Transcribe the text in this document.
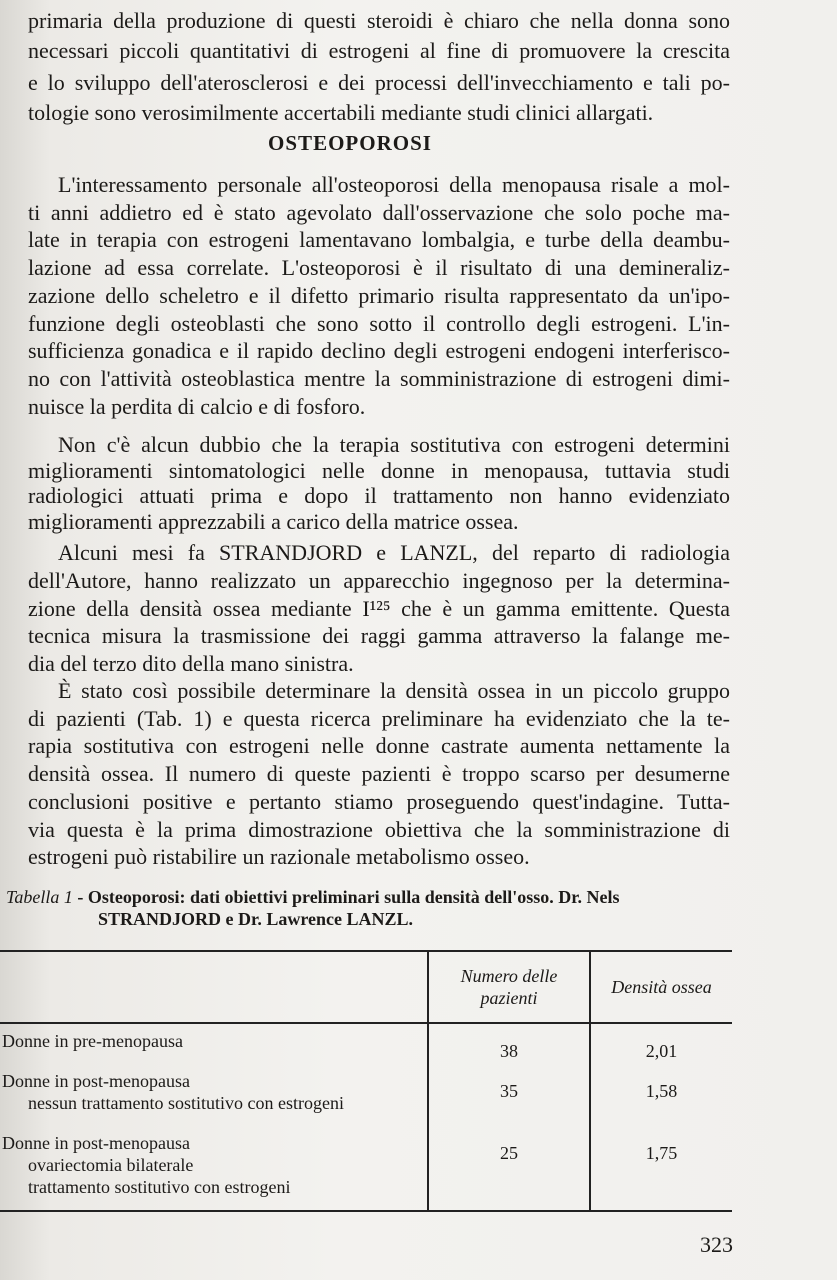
primaria della produzione di questi steroidi è chiaro che nella donna sono
necessari piccoli quantitativi di estrogeni al fine di promuovere la crescita
e lo sviluppo dell'aterosclerosi e dei processi dell'invecchiamento e tali po-
tologie sono verosimilmente accertabili mediante studi clinici allargati.
OSTEOPOROSI
L'interessamento personale all'osteoporosi della menopausa risale a mol-
ti anni addietro ed è stato agevolato dall'osservazione che solo poche ma-
late in terapia con estrogeni lamentavano lombalgia, e turbe della deambu-
lazione ad essa correlate. L'osteoporosi è il risultato di una demineraliz-
zazione dello scheletro e il difetto primario risulta rappresentato da un'ipo-
funzione degli osteoblasti che sono sotto il controllo degli estrogeni. L'in-
sufficienza gonadica e il rapido declino degli estrogeni endogeni interferisco-
no con l'attività osteoblastica mentre la somministrazione di estrogeni dimi-
nuisce la perdita di calcio e di fosforo.
Non c'è alcun dubbio che la terapia sostitutiva con estrogeni determini
miglioramenti sintomatologici nelle donne in menopausa, tuttavia studi
radiologici attuati prima e dopo il trattamento non hanno evidenziato
miglioramenti apprezzabili a carico della matrice ossea.
Alcuni mesi fa STRANDJORD e LANZL, del reparto di radiologia
dell'Autore, hanno realizzato un apparecchio ingegnoso per la determina-
zione della densità ossea mediante I¹²⁵ che è un gamma emittente. Questa
tecnica misura la trasmissione dei raggi gamma attraverso la falange me-
dia del terzo dito della mano sinistra.
È stato così possibile determinare la densità ossea in un piccolo gruppo
di pazienti (Tab. 1) e questa ricerca preliminare ha evidenziato che la te-
rapia sostitutiva con estrogeni nelle donne castrate aumenta nettamente la
densità ossea. Il numero di queste pazienti è troppo scarso per desumerne
conclusioni positive e pertanto stiamo proseguendo quest'indagine. Tutta-
via questa è la prima dimostrazione obiettiva che la somministrazione di
estrogeni può ristabilire un razionale metabolismo osseo.
Tabella 1 - Osteoporosi: dati obiettivi preliminari sulla densità dell'osso. Dr. Nels
STRANDJORD e Dr. Lawrence LANZL.
	Numero delle pazienti	Densità ossea

Donne in pre-menopausa	38	2,01

Donne in post-menopausa
nessun trattamento sostitutivo con estrogeni	35	1,58

Donne in post-menopausa
ovariectomia bilaterale
trattamento sostitutivo con estrogeni	25	1,75
323
